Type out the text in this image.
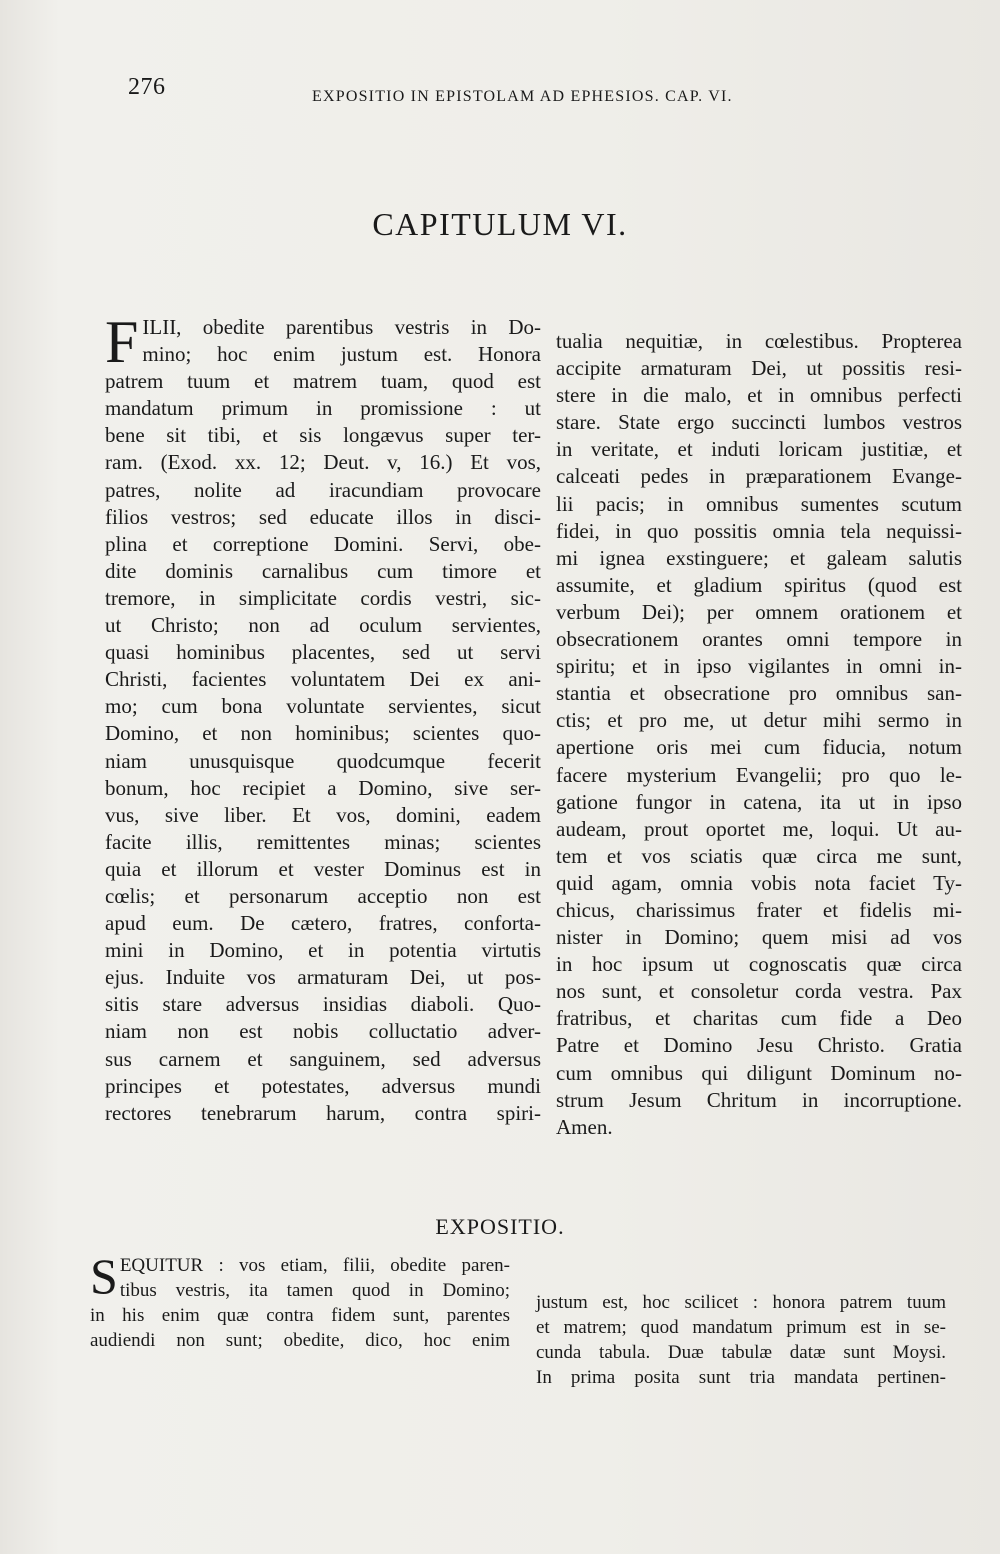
276	EXPOSITIO IN EPISTOLAM AD EPHESIOS. CAP. VI.
CAPITULUM VI.
F ILII, obedite parentibus vestris in Do-
mino; hoc enim justum est. Honora
patrem tuum et matrem tuam, quod est
mandatum primum in promissione : ut
bene sit tibi, et sis longævus super ter-
ram. (Exod. xx. 12; Deut. v, 16.) Et vos,
patres, nolite ad iracundiam provocare
filios vestros; sed educate illos in disci-
plina et correptione Domini. Servi, obe-
dite dominis carnalibus cum timore et
tremore, in simplicitate cordis vestri, sic-
ut Christo; non ad oculum servientes,
quasi hominibus placentes, sed ut servi
Christi, facientes voluntatem Dei ex ani-
mo; cum bona voluntate servientes, sicut
Domino, et non hominibus; scientes quo-
niam unusquisque quodcumque fecerit
bonum, hoc recipiet a Domino, sive ser-
vus, sive liber. Et vos, domini, eadem
facite illis, remittentes minas; scientes
quia et illorum et vester Dominus est in
cœlis; et personarum acceptio non est
apud eum. De cætero, fratres, conforta-
mini in Domino, et in potentia virtutis
ejus. Induite vos armaturam Dei, ut pos-
sitis stare adversus insidias diaboli. Quo-
niam non est nobis colluctatio adver-
sus carnem et sanguinem, sed adversus
principes et potestates, adversus mundi
rectores tenebrarum harum, contra spiri-
tualia nequitiæ, in cœlestibus. Propterea
accipite armaturam Dei, ut possitis resi-
stere in die malo, et in omnibus perfecti
stare. State ergo succincti lumbos vestros
in veritate, et induti loricam justitiæ, et
calceati pedes in præparationem Evange-
lii pacis; in omnibus sumentes scutum
fidei, in quo possitis omnia tela nequissi-
mi ignea exstinguere; et galeam salutis
assumite, et gladium spiritus (quod est
verbum Dei); per omnem orationem et
obsecrationem orantes omni tempore in
spiritu; et in ipso vigilantes in omni in-
stantia et obsecratione pro omnibus san-
ctis; et pro me, ut detur mihi sermo in
apertione oris mei cum fiducia, notum
facere mysterium Evangelii; pro quo le-
gatione fungor in catena, ita ut in ipso
audeam, prout oportet me, loqui. Ut au-
tem et vos sciatis quæ circa me sunt,
quid agam, omnia vobis nota faciet Ty-
chicus, charissimus frater et fidelis mi-
nister in Domino; quem misi ad vos
in hoc ipsum ut cognoscatis quæ circa
nos sunt, et consoletur corda vestra. Pax
fratribus, et charitas cum fide a Deo
Patre et Domino Jesu Christo. Gratia
cum omnibus qui diligunt Dominum no-
strum Jesum Chritum in incorruptione.
Amen.
EXPOSITIO.
S EQUITUR : vos etiam, filii, obedite paren-
tibus vestris, ita tamen quod in Domino;
in his enim quæ contra fidem sunt, parentes
audiendi non sunt; obedite, dico, hoc enim
justum est, hoc scilicet : honora patrem tuum
et matrem; quod mandatum primum est in se-
cunda tabula. Duæ tabulæ datæ sunt Moysi.
In prima posita sunt tria mandata pertinen-
